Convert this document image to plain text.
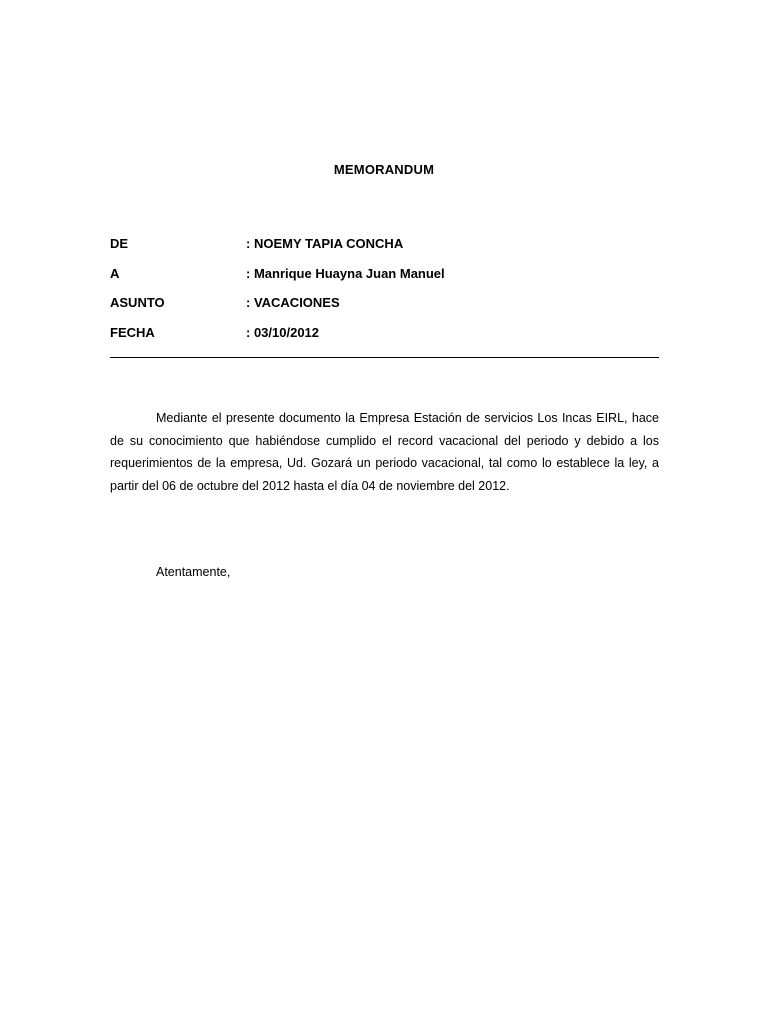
MEMORANDUM
DE	: NOEMY TAPIA CONCHA
A	: Manrique Huayna Juan Manuel
ASUNTO	: VACACIONES
FECHA	: 03/10/2012

Mediante el presente documento la Empresa Estación de servicios Los Incas EIRL, hace de su conocimiento que habiéndose cumplido el record vacacional del periodo y debido a los requerimientos de la empresa, Ud. Gozará un periodo vacacional, tal como lo establece la ley, a partir del 06 de octubre del 2012 hasta el día 04 de noviembre del 2012.

Atentamente,
